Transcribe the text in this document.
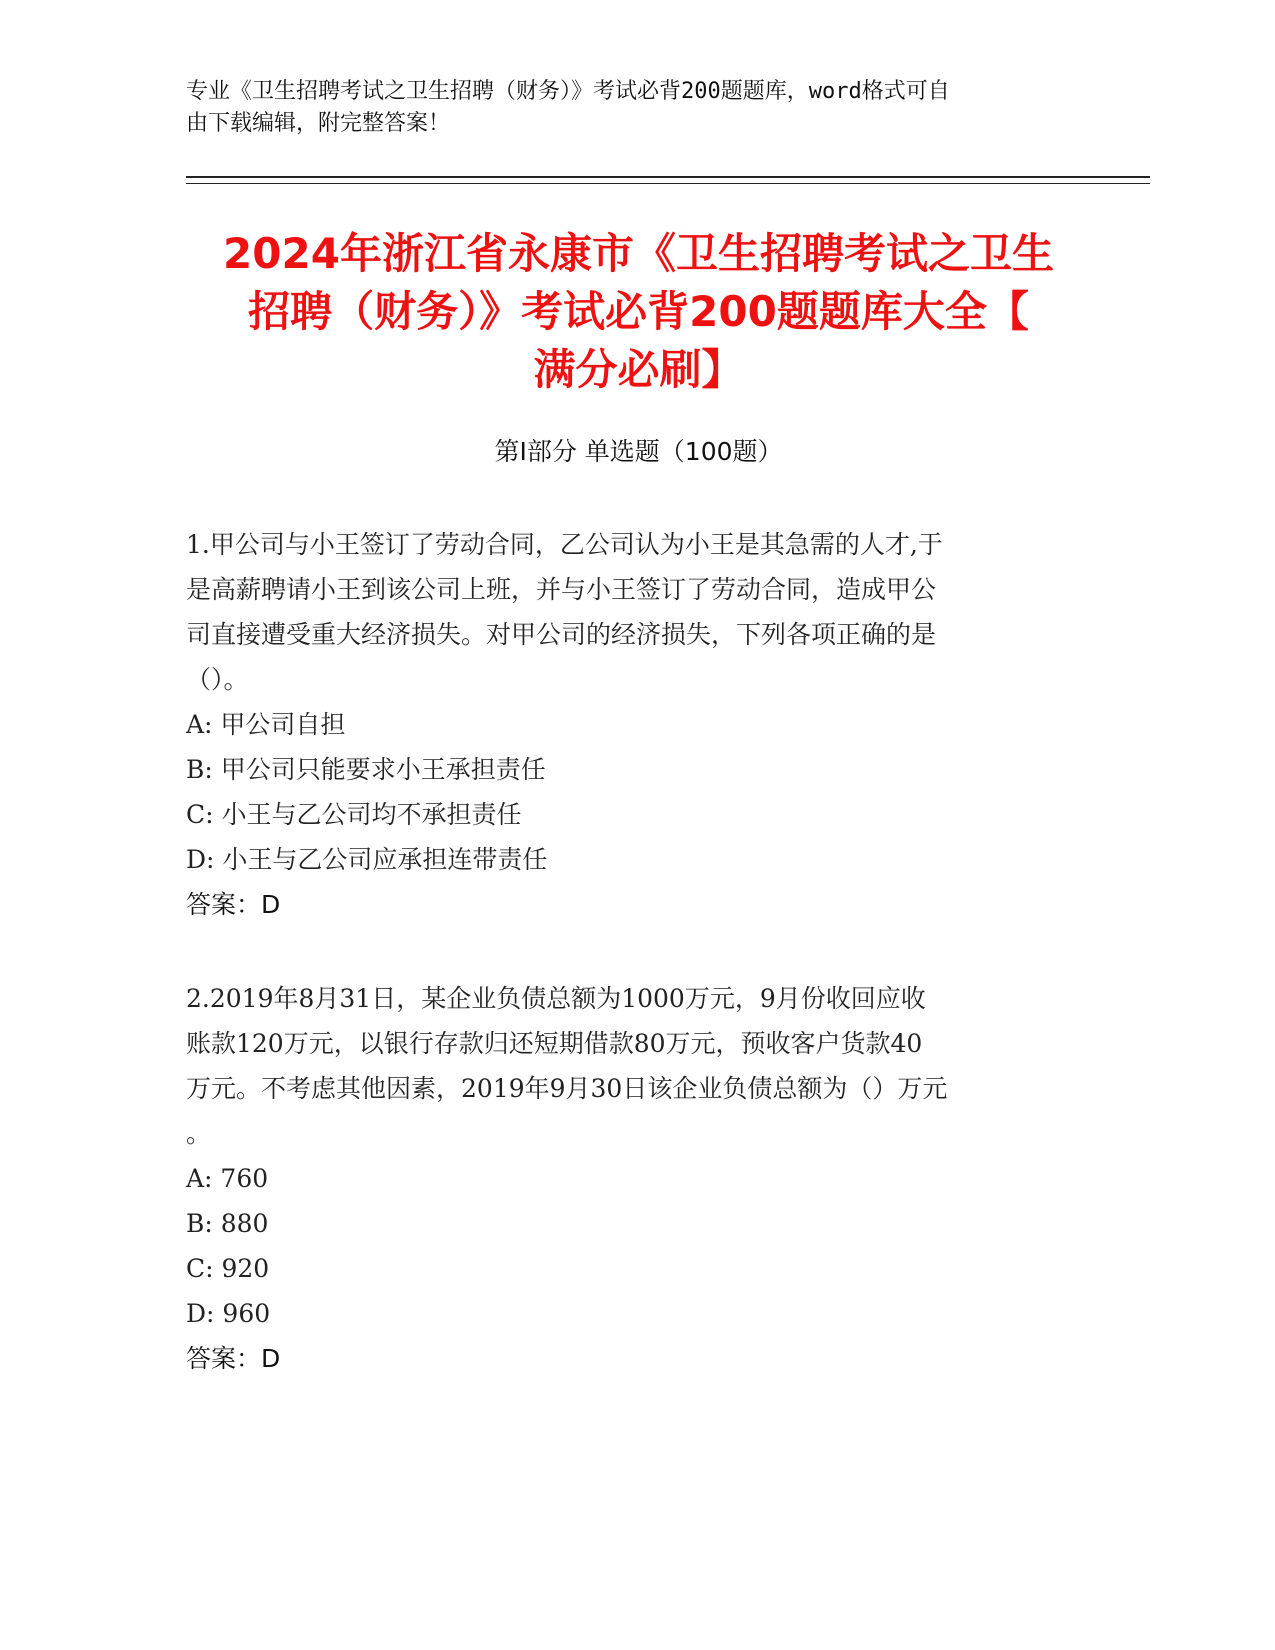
专业《卫生招聘考试之卫生招聘（财务）》考试必背200题题库，word格式可自
由下载编辑，附完整答案！
2024年浙江省永康市《卫生招聘考试之卫生
招聘（财务）》考试必背200题题库大全【
满分必刷】
第I部分 单选题（100题）
1.甲公司与小王签订了劳动合同，乙公司认为小王是其急需的人才,于
是高薪聘请小王到该公司上班，并与小王签订了劳动合同，造成甲公
司直接遭受重大经济损失。对甲公司的经济损失，下列各项正确的是
（）。
A: 甲公司自担
B: 甲公司只能要求小王承担责任
C: 小王与乙公司均不承担责任
D: 小王与乙公司应承担连带责任
答案：D
2.2019年8月31日，某企业负债总额为1000万元，9月份收回应收
账款120万元，以银行存款归还短期借款80万元，预收客户货款40
万元。不考虑其他因素，2019年9月30日该企业负债总额为（）万元
。
A: 760
B: 880
C: 920
D: 960
答案：D
